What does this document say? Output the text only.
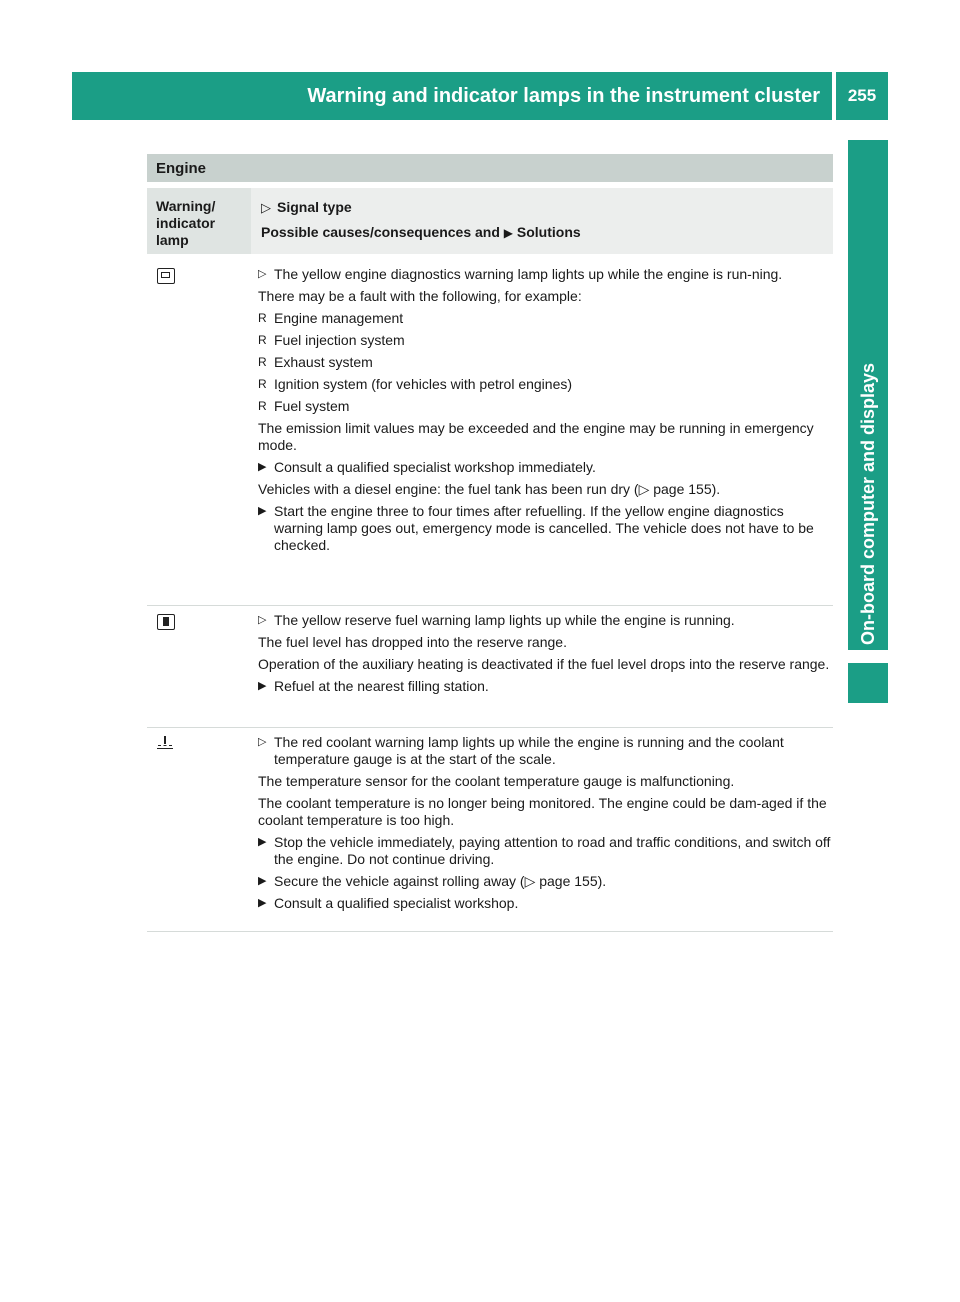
Warning and indicator lamps in the instrument cluster 255
On-board computer and displays
Engine
Warning/
indicator
lamp
▷ Signal type
Possible causes/consequences and ▶ Solutions
▷ The yellow engine diagnostics warning lamp lights up while the engine is run-ning.

There may be a fault with the following, for example:

R Engine management
R Fuel injection system
R Exhaust system
R Ignition system (for vehicles with petrol engines)
R Fuel system

The emission limit values may be exceeded and the engine may be running in emergency mode.

▶ Consult a qualified specialist workshop immediately.

Vehicles with a diesel engine: the fuel tank has been run dry (▷ page 155).

▶ Start the engine three to four times after refuelling. If the yellow engine diagnostics warning lamp goes out, emergency mode is cancelled. The vehicle does not have to be checked.
▷ The yellow reserve fuel warning lamp lights up while the engine is running.

The fuel level has dropped into the reserve range.

Operation of the auxiliary heating is deactivated if the fuel level drops into the reserve range.

▶ Refuel at the nearest filling station.
▷ The red coolant warning lamp lights up while the engine is running and the coolant temperature gauge is at the start of the scale.

The temperature sensor for the coolant temperature gauge is malfunctioning.

The coolant temperature is no longer being monitored. The engine could be dam-aged if the coolant temperature is too high.

▶ Stop the vehicle immediately, paying attention to road and traffic conditions, and switch off the engine. Do not continue driving.
▶ Secure the vehicle against rolling away (▷ page 155).
▶ Consult a qualified specialist workshop.
